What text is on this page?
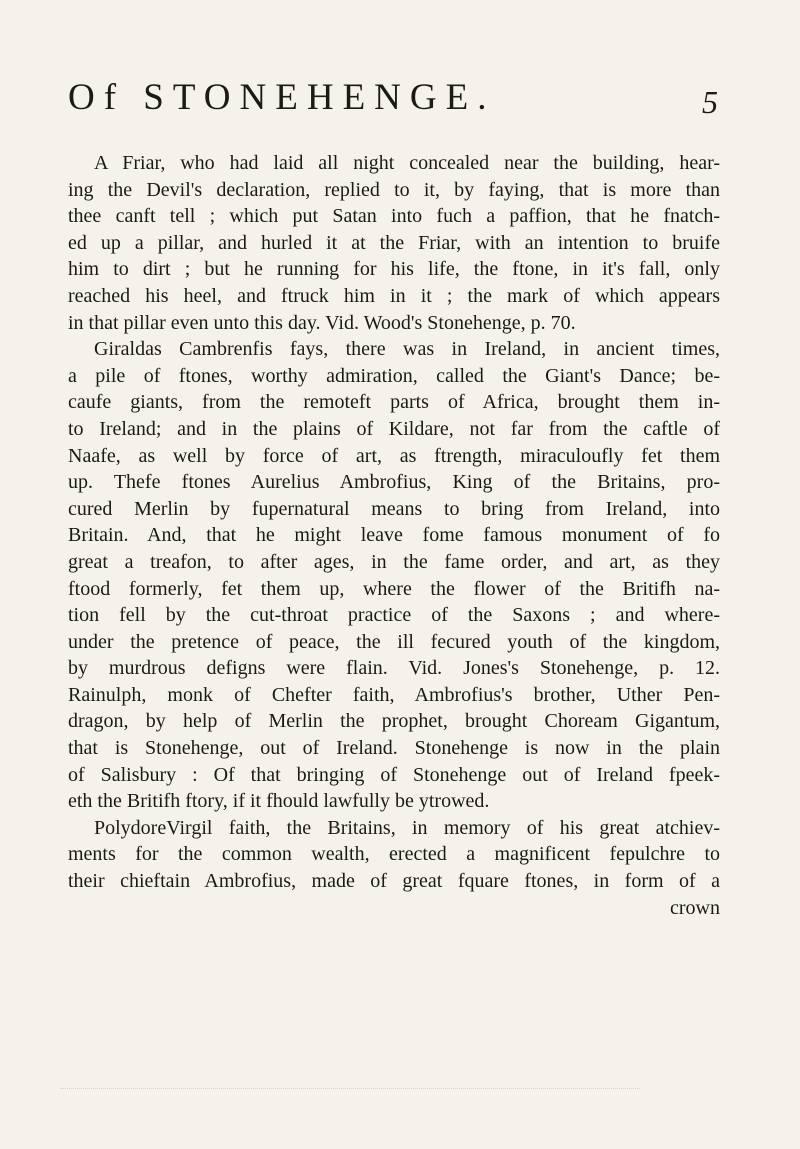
Of STONEHENGE.	5
A Friar, who had laid all night concealed near the building, hear-
ing the Devil's declaration, replied to it, by faying, that is more than
thee canft tell ; which put Satan into fuch a paffion, that he fnatch-
ed up a pillar, and hurled it at the Friar, with an intention to bruife
him to dirt ; but he running for his life, the ftone, in it's fall, only
reached his heel, and ftruck him in it ; the mark of which appears
in that pillar even unto this day. Vid. Wood's Stonehenge, p. 70.
Giraldas Cambrenfis fays, there was in Ireland, in ancient times,
a pile of ftones, worthy admiration, called the Giant's Dance; be-
caufe giants, from the remoteft parts of Africa, brought them in-
to Ireland; and in the plains of Kildare, not far from the caftle of
Naafe, as well by force of art, as ftrength, miraculoufly fet them
up. Thefe ftones Aurelius Ambrofius, King of the Britains, pro-
cured Merlin by fupernatural means to bring from Ireland, into
Britain. And, that he might leave fome famous monument of fo
great a treafon, to after ages, in the fame order, and art, as they
ftood formerly, fet them up, where the flower of the Britifh na-
tion fell by the cut-throat practice of the Saxons ; and where-
under the pretence of peace, the ill fecured youth of the kingdom,
by murdrous defigns were flain. Vid. Jones's Stonehenge, p. 12.
Rainulph, monk of Chefter faith, Ambrofius's brother, Uther Pen-
dragon, by help of Merlin the prophet, brought Choream Gigantum,
that is Stonehenge, out of Ireland. Stonehenge is now in the plain
of Salisbury : Of that bringing of Stonehenge out of Ireland fpeek-
eth the Britifh ftory, if it fhould lawfully be ytrowed.
PolydoreVirgil faith, the Britains, in memory of his great atchiev-
ments for the common wealth, erected a magnificent fepulchre to
their chieftain Ambrofius, made of great fquare ftones, in form of a
crown
